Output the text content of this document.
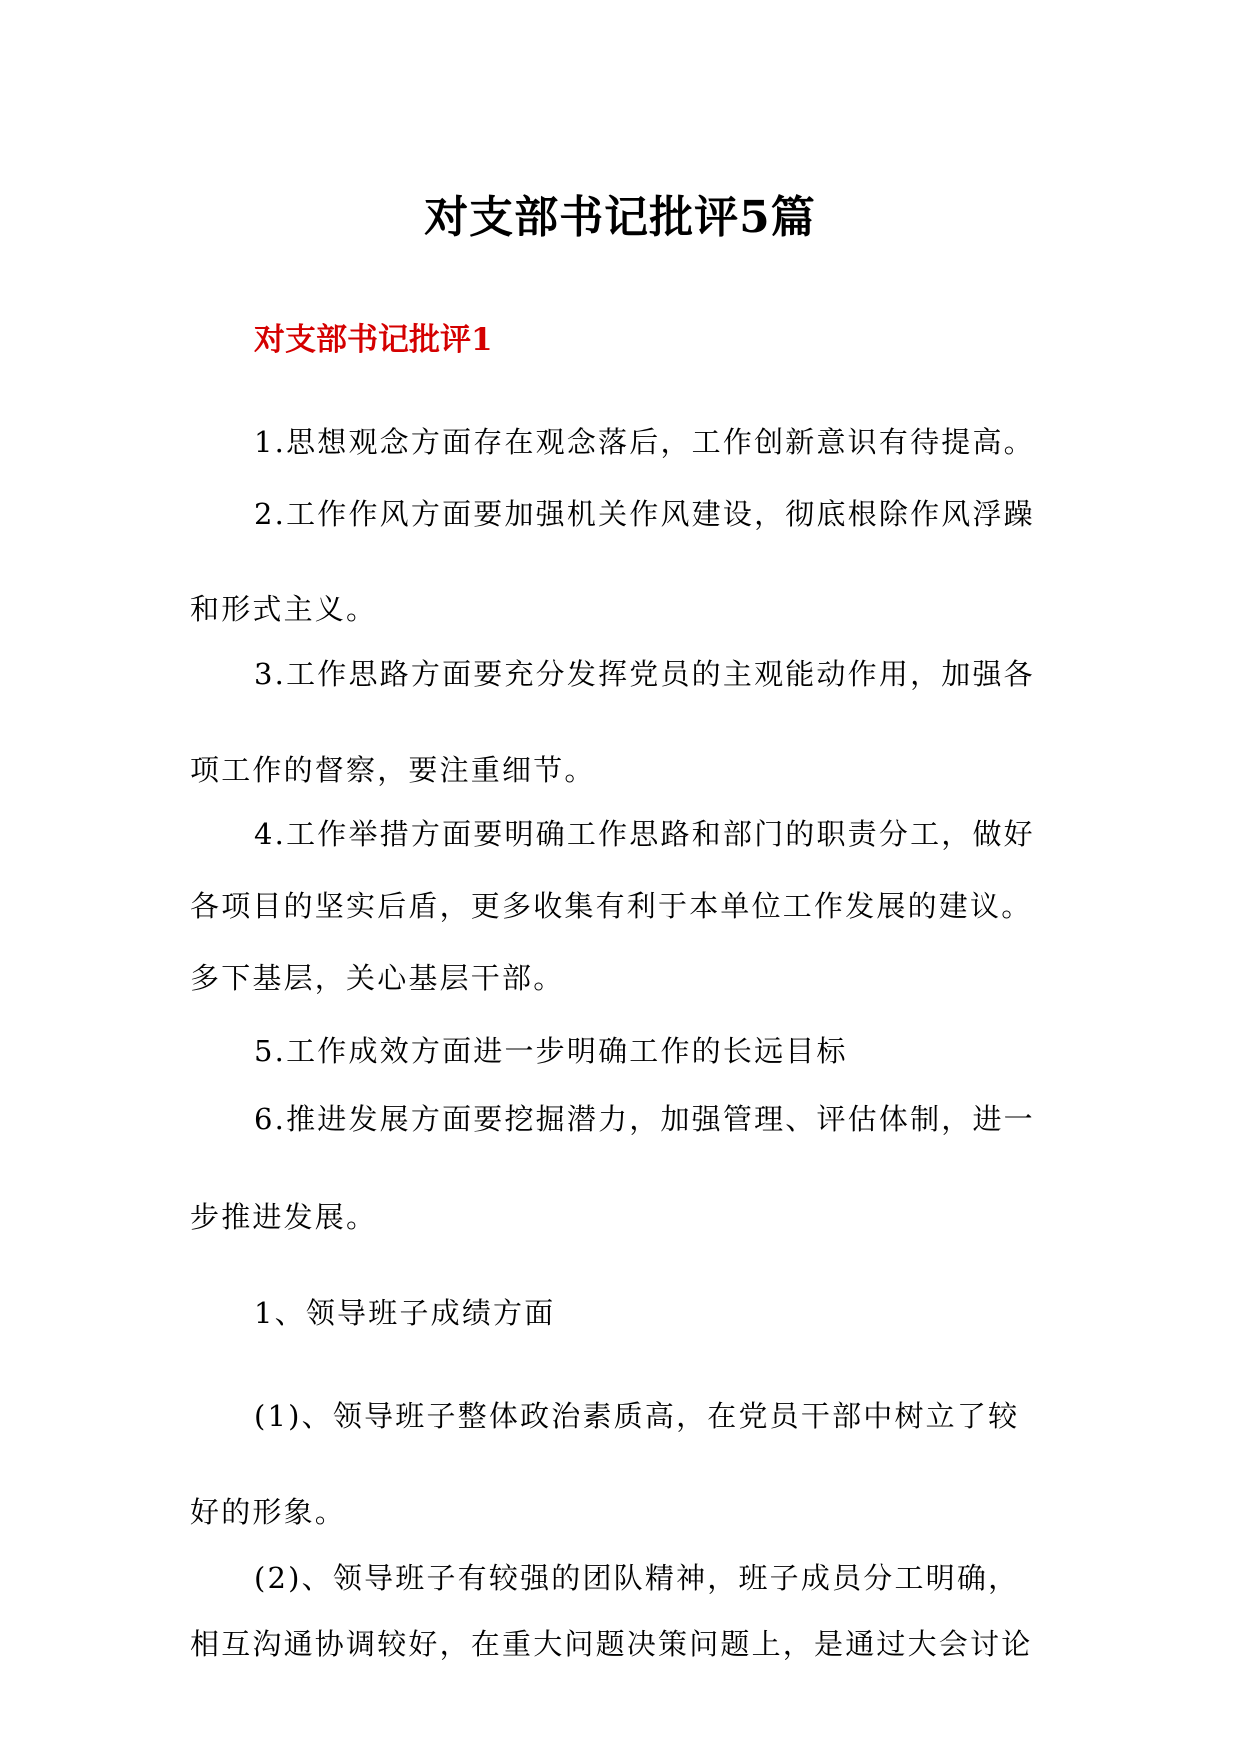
对支部书记批评5篇
对支部书记批评1

1.思想观念方面存在观念落后，工作创新意识有待提高。

2.工作作风方面要加强机关作风建设，彻底根除作风浮躁

和形式主义。

3.工作思路方面要充分发挥党员的主观能动作用，加强各

项工作的督察，要注重细节。

4.工作举措方面要明确工作思路和部门的职责分工，做好

各项目的坚实后盾，更多收集有利于本单位工作发展的建议。

多下基层，关心基层干部。

5.工作成效方面进一步明确工作的长远目标

6.推进发展方面要挖掘潜力，加强管理、评估体制，进一

步推进发展。

1、领导班子成绩方面

(1)、领导班子整体政治素质高，在党员干部中树立了较

好的形象。

(2)、领导班子有较强的团队精神，班子成员分工明确，

相互沟通协调较好，在重大问题决策问题上，是通过大会讨论
